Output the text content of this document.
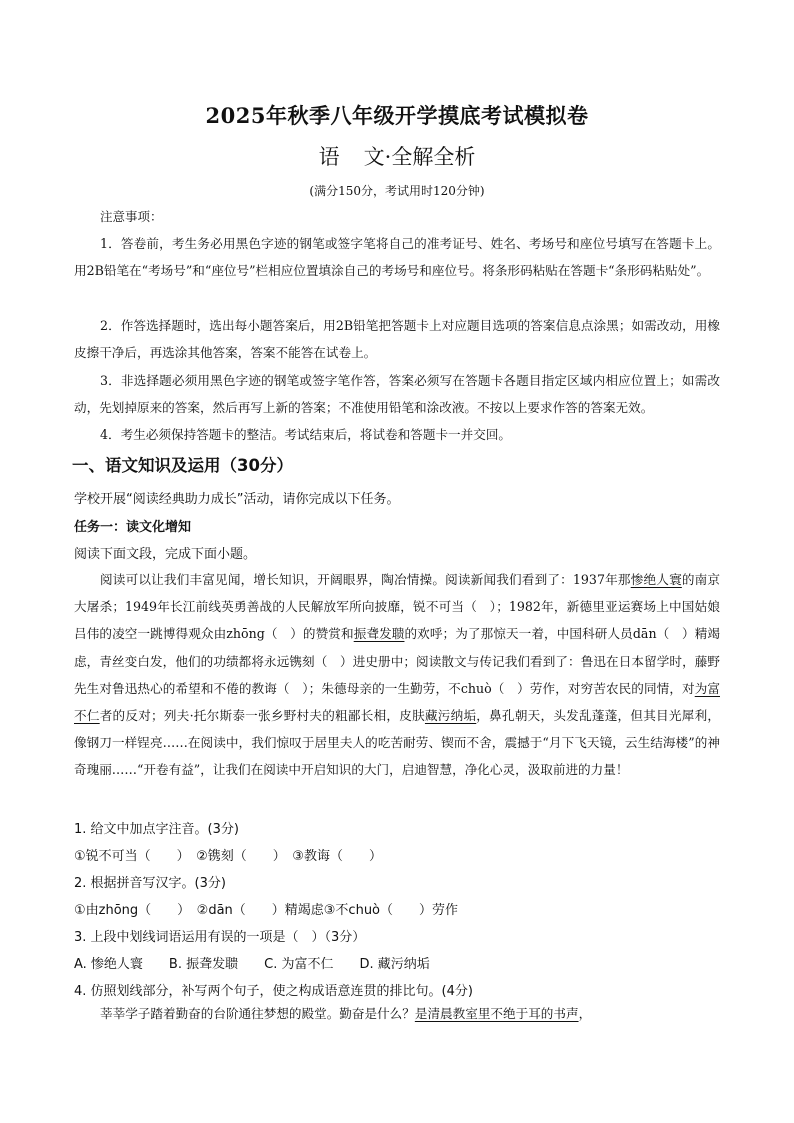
2025年秋季八年级开学摸底考试模拟卷
语 文·全解全析
(满分150分，考试用时120分钟)
注意事项：

1．答卷前，考生务必用黑色字迹的钢笔或签字笔将自己的准考证号、姓名、考场号和座位号填写在答题卡上。用2B铅笔在“考场号”和“座位号”栏相应位置填涂自己的考场号和座位号。将条形码粘贴在答题卡“条形码粘贴处”。

2．作答选择题时，选出每小题答案后，用2B铅笔把答题卡上对应题目选项的答案信息点涂黑；如需改动，用橡皮擦干净后，再选涂其他答案，答案不能答在试卷上。

3．非选择题必须用黑色字迹的钢笔或签字笔作答，答案必须写在答题卡各题目指定区域内相应位置上；如需改动，先划掉原来的答案，然后再写上新的答案；不准使用铅笔和涂改液。不按以上要求作答的答案无效。

4．考生必须保持答题卡的整洁。考试结束后，将试卷和答题卡一并交回。

一、语文知识及运用（30分）
学校开展“阅读经典助力成长”活动，请你完成以下任务。
任务一：读文化增知
阅读下面文段，完成下面小题。

阅读可以让我们丰富见闻，增长知识，开阔眼界，陶冶情操。阅读新闻我们看到了：1937年那惨绝人寰的南京大屠杀；1949年长江前线英勇善战的人民解放军所向披靡，锐不可当（　）；1982年，新德里亚运赛场上中国姑娘吕伟的凌空一跳博得观众由zhōng（　）的赞赏和振聋发聩的欢呼；为了那惊天一着，中国科研人员dān（　）精竭虑，青丝变白发，他们的功绩都将永远镌刻（　）进史册中；阅读散文与传记我们看到了：鲁迅在日本留学时，藤野先生对鲁迅热心的希望和不倦的教诲（　）；朱德母亲的一生勤劳，不chuò（　）劳作，对穷苦农民的同情，对为富不仁者的反对；列夫·托尔斯泰一张乡野村夫的粗鄙长相，皮肤藏污纳垢，鼻孔朝天，头发乱蓬蓬，但其目光犀利，像钢刀一样锃亮……在阅读中，我们惊叹于居里夫人的吃苦耐劳、锲而不舍，震撼于“月下飞天镜，云生结海楼”的神奇瑰丽……“开卷有益”，让我们在阅读中开启知识的大门，启迪智慧，净化心灵，汲取前进的力量！

1. 给文中加点字注音。(3分)
①锐不可当（　　）　②镌刻（　　）　③教诲（　　）
2. 根据拼音写汉字。(3分)
①由zhōng（　　）　②dān（　　）精竭虑③不chuò（　　）劳作
3. 上段中划线词语运用有误的一项是（　）（3分）
A. 惨绝人寰　　B. 振聋发聩　　C. 为富不仁　　D. 藏污纳垢
4. 仿照划线部分，补写两个句子，使之构成语意连贯的排比句。(4分)
莘莘学子踏着勤奋的台阶通往梦想的殿堂。勤奋是什么？是清晨教室里不绝于耳的书声，
